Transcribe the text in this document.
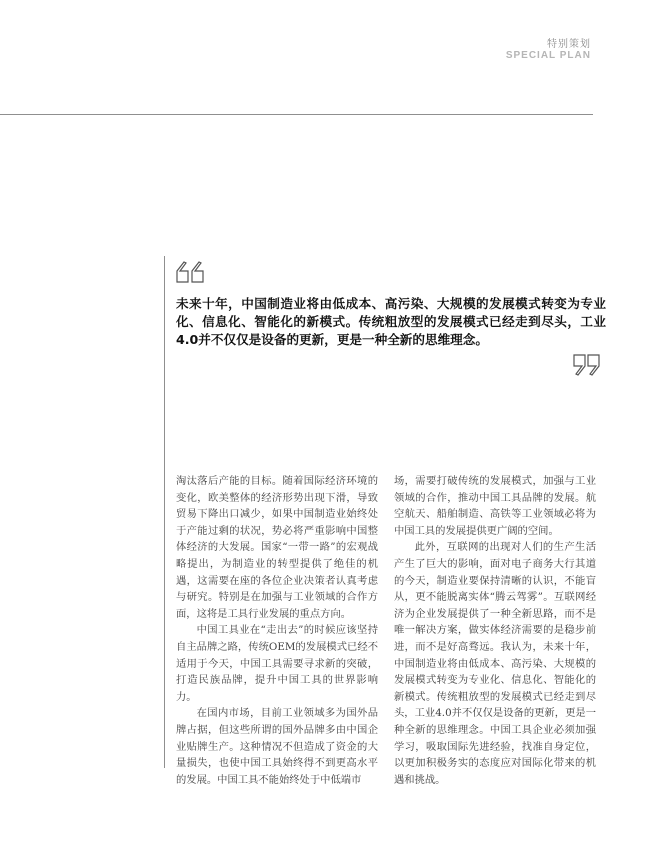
特别策划
SPECIAL PLAN
未来十年，中国制造业将由低成本、高污染、大规模的发展模式转变为专业化、信息化、智能化的新模式。传统粗放型的发展模式已经走到尽头，工业4.0并不仅仅是设备的更新，更是一种全新的思维理念。

淘汰落后产能的目标。随着国际经济环境的变化，欧美整体的经济形势出现下滑，导致贸易下降出口减少，如果中国制造业始终处于产能过剩的状况，势必将严重影响中国整体经济的大发展。国家“一带一路”的宏观战略提出，为制造业的转型提供了绝佳的机遇，这需要在座的各位企业决策者认真考虑与研究。特别是在加强与工业领域的合作方面，这将是工具行业发展的重点方向。

中国工具业在“走出去”的时候应该坚持自主品牌之路，传统OEM的发展模式已经不适用于今天，中国工具需要寻求新的突破，打造民族品牌，提升中国工具的世界影响力。

在国内市场，目前工业领域多为国外品牌占据，但这些所谓的国外品牌多由中国企业贴牌生产。这种情况不但造成了资金的大量损失，也使中国工具始终得不到更高水平的发展。中国工具不能始终处于中低端市

场，需要打破传统的发展模式，加强与工业领域的合作，推动中国工具品牌的发展。航空航天、船舶制造、高铁等工业领域必将为中国工具的发展提供更广阔的空间。

此外，互联网的出现对人们的生产生活产生了巨大的影响，面对电子商务大行其道的今天，制造业要保持清晰的认识，不能盲从，更不能脱离实体“腾云驾雾”。互联网经济为企业发展提供了一种全新思路，而不是唯一解决方案，做实体经济需要的是稳步前进，而不是好高骛远。我认为，未来十年，中国制造业将由低成本、高污染、大规模的发展模式转变为专业化、信息化、智能化的新模式。传统粗放型的发展模式已经走到尽头，工业4.0并不仅仅是设备的更新，更是一种全新的思维理念。中国工具企业必须加强学习，吸取国际先进经验，找准自身定位，以更加积极务实的态度应对国际化带来的机遇和挑战。
